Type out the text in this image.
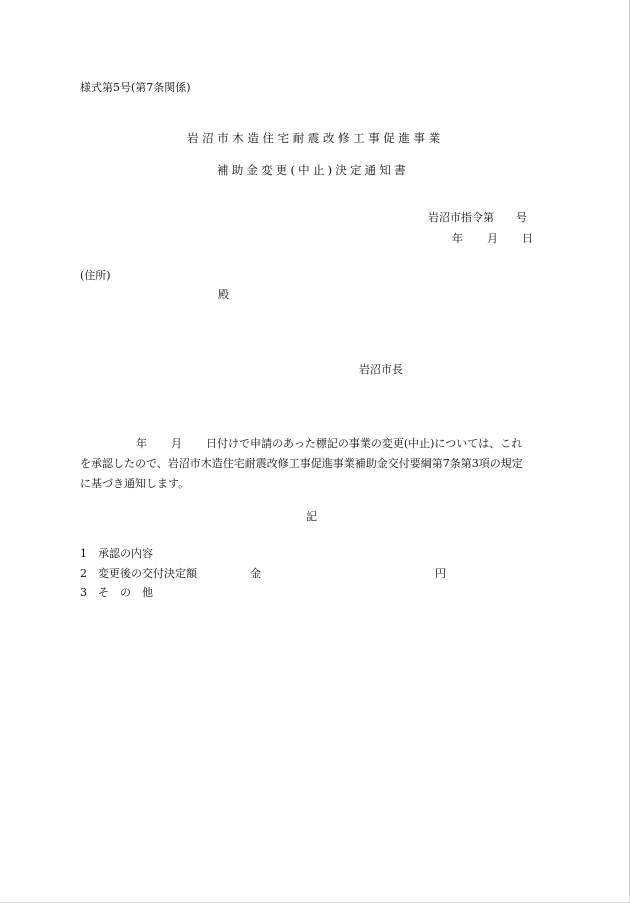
様式第5号(第7条関係)
岩沼市木造住宅耐震改修工事促進事業
補助金変更(中止)決定通知書
岩沼市指令第　　号
年 月 日
(住所)
殿
岩沼市長
年 月 日付けで申請のあった標記の事業の変更(中止)については、これ
を承認したので、岩沼市木造住宅耐震改修工事促進事業補助金交付要綱第7条第3項の規定
に基づき通知します。
記
1　承認の内容
2　変更後の交付決定額	金	円
3　そ　の　他
